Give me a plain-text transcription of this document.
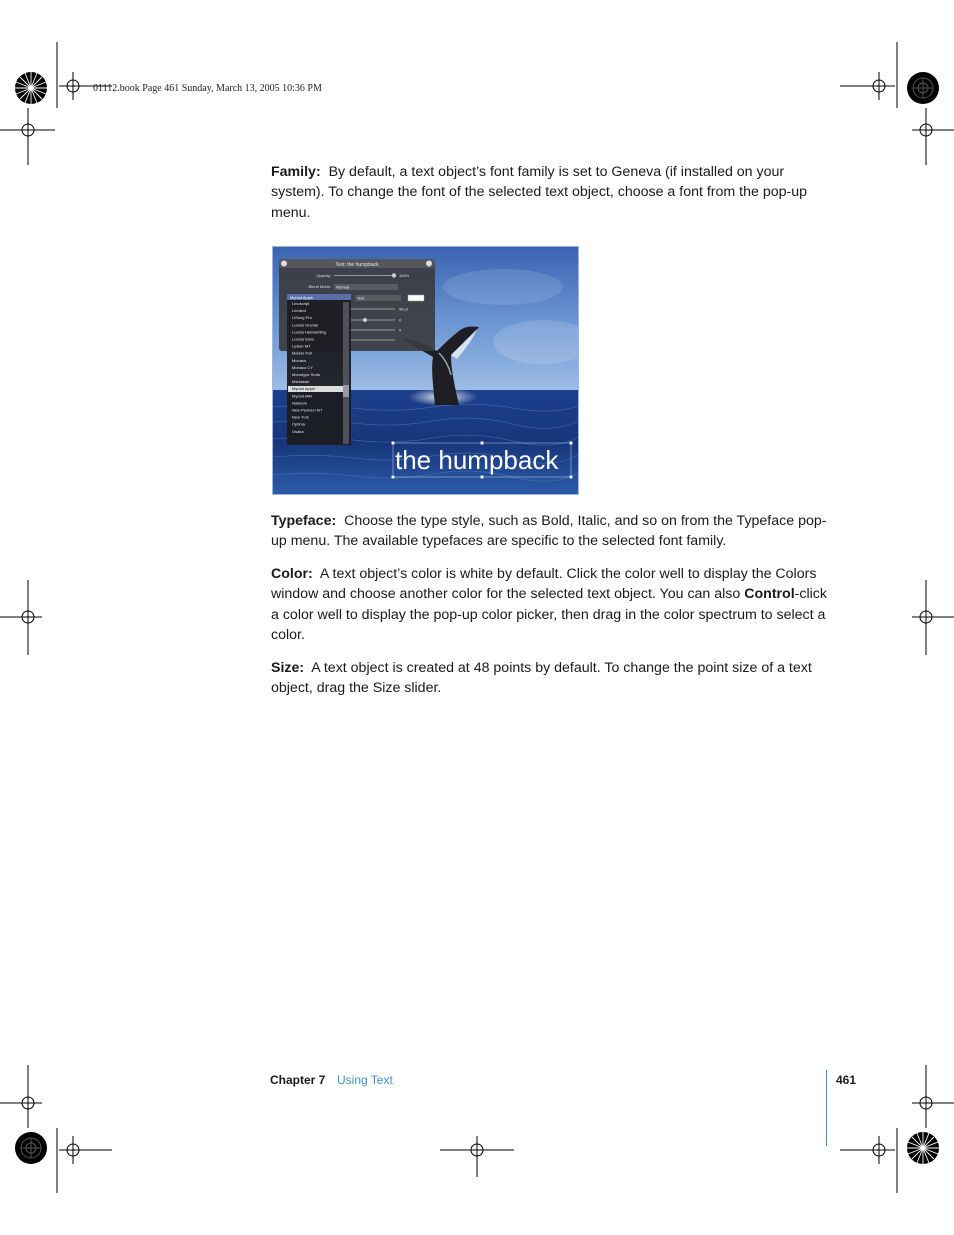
01112.book Page 461 Sunday, March 13, 2005 10:36 PM

Family: By default, a text object’s font family is set to Geneva (if installed on your system). To change the font of the selected text object, choose a font from the pop-up menu.

Text: the humpback
Opacity:	100%
Blend Mode: Normal
Text
58 pt
0
0
Myriad Apple
Linoscript
Linotext
LiSong Pro
Lucida Grande
Lucida Handwriting
Lucida Sans
Lydian MT
Marker Felt
Monaco
Monaco CY
Monotype Sorts
Mshtakan
Myriad Apple
Myriad MM
Nadeem
New Peninim MT
New York
Optima
Osaka
the humpback

Typeface: Choose the type style, such as Bold, Italic, and so on from the Typeface pop-up menu. The available typefaces are specific to the selected font family.

Color: A text object’s color is white by default. Click the color well to display the Colors window and choose another color for the selected text object. You can also Control-click a color well to display the pop-up color picker, then drag in the color spectrum to select a color.

Size: A text object is created at 48 points by default. To change the point size of a text object, drag the Size slider.

Chapter 7 Using Text	461
